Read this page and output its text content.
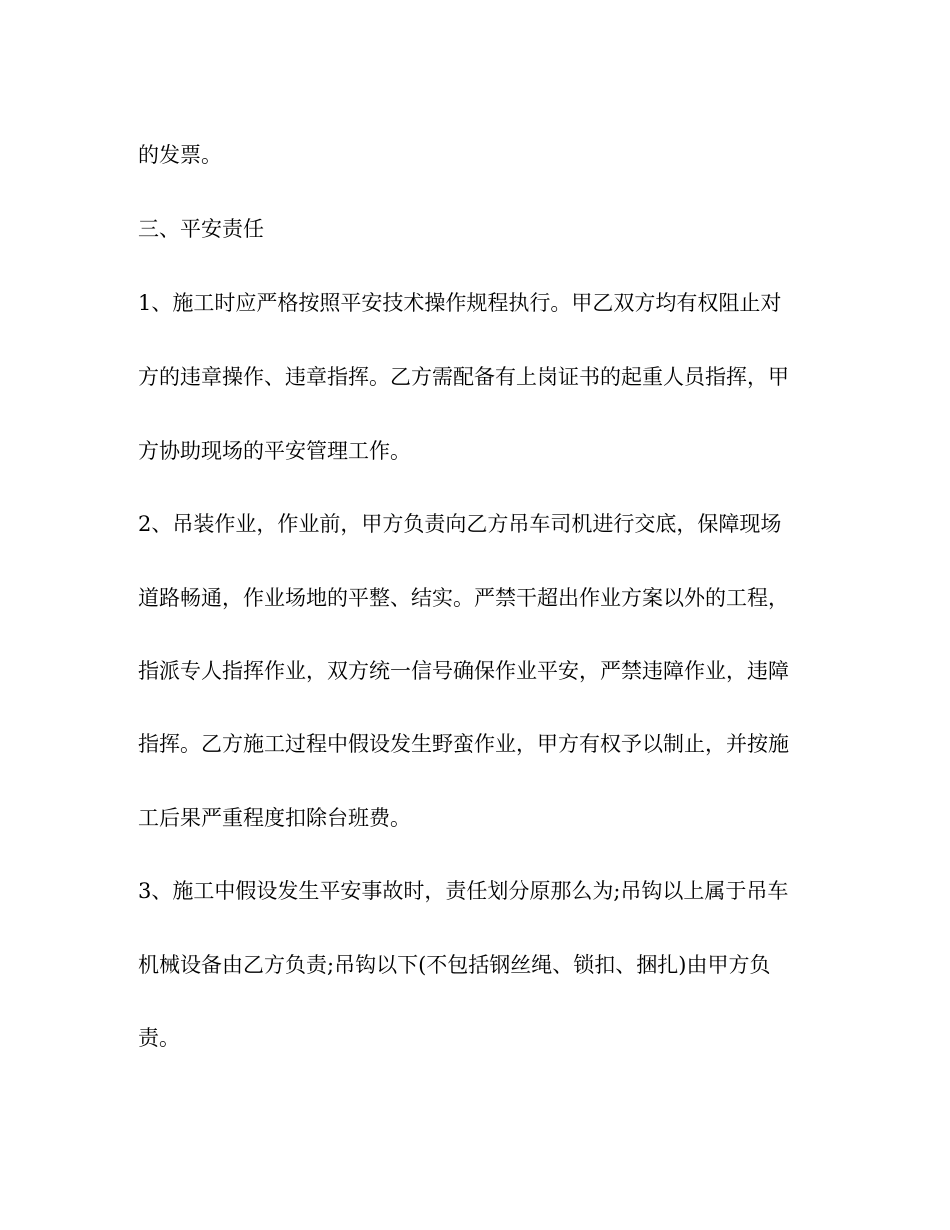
的发票。

三、平安责任

1、施工时应严格按照平安技术操作规程执行。甲乙双方均有权阻止对

方的违章操作、违章指挥。乙方需配备有上岗证书的起重人员指挥，甲

方协助现场的平安管理工作。

2、吊装作业，作业前，甲方负责向乙方吊车司机进行交底，保障现场

道路畅通，作业场地的平整、结实。严禁干超出作业方案以外的工程，

指派专人指挥作业，双方统一信号确保作业平安，严禁违障作业，违障

指挥。乙方施工过程中假设发生野蛮作业，甲方有权予以制止，并按施

工后果严重程度扣除台班费。

3、施工中假设发生平安事故时，责任划分原那么为;吊钩以上属于吊车

机械设备由乙方负责;吊钩以下(不包括钢丝绳、锁扣、捆扎)由甲方负

责。
